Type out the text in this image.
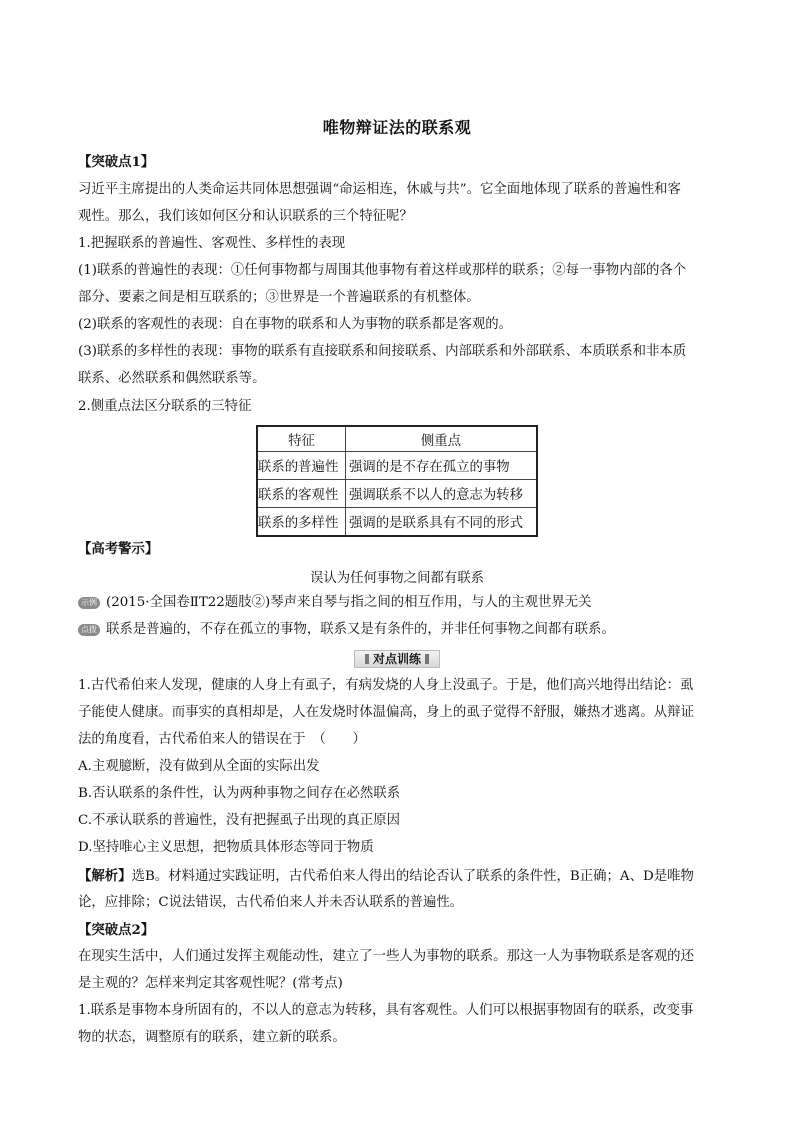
唯物辩证法的联系观
【突破点1】
习近平主席提出的人类命运共同体思想强调“命运相连，休戚与共”。它全面地体现了联系的普遍性和客
观性。那么，我们该如何区分和认识联系的三个特征呢？
1.把握联系的普遍性、客观性、多样性的表现
(1)联系的普遍性的表现：①任何事物都与周围其他事物有着这样或那样的联系；②每一事物内部的各个
部分、要素之间是相互联系的；③世界是一个普遍联系的有机整体。
(2)联系的客观性的表现：自在事物的联系和人为事物的联系都是客观的。
(3)联系的多样性的表现：事物的联系有直接联系和间接联系、内部联系和外部联系、本质联系和非本质
联系、必然联系和偶然联系等。
2.侧重点法区分联系的三特征
特征	侧重点
联系的普遍性	强调的是不存在孤立的事物
联系的客观性	强调联系不以人的意志为转移
联系的多样性	强调的是联系具有不同的形式
【高考警示】
误认为任何事物之间都有联系
示例 (2015·全国卷ⅡT22题肢②)琴声来自琴与指之间的相互作用，与人的主观世界无关
点拨 联系是普遍的，不存在孤立的事物，联系又是有条件的，并非任何事物之间都有联系。
对点训练
1.古代希伯来人发现，健康的人身上有虱子，有病发烧的人身上没虱子。于是，他们高兴地得出结论：虱
子能使人健康。而事实的真相却是，人在发烧时体温偏高，身上的虱子觉得不舒服，嫌热才逃离。从辩证
法的角度看，古代希伯来人的错误在于　（　　）
A.主观臆断，没有做到从全面的实际出发
B.否认联系的条件性，认为两种事物之间存在必然联系
C.不承认联系的普遍性，没有把握虱子出现的真正原因
D.坚持唯心主义思想，把物质具体形态等同于物质
【解析】选B。材料通过实践证明，古代希伯来人得出的结论否认了联系的条件性，B正确；A、D是唯物
论，应排除；C说法错误，古代希伯来人并未否认联系的普遍性。
【突破点2】
在现实生活中，人们通过发挥主观能动性，建立了一些人为事物的联系。那这一人为事物联系是客观的还
是主观的？怎样来判定其客观性呢？(常考点)
1.联系是事物本身所固有的，不以人的意志为转移，具有客观性。人们可以根据事物固有的联系，改变事
物的状态，调整原有的联系，建立新的联系。
